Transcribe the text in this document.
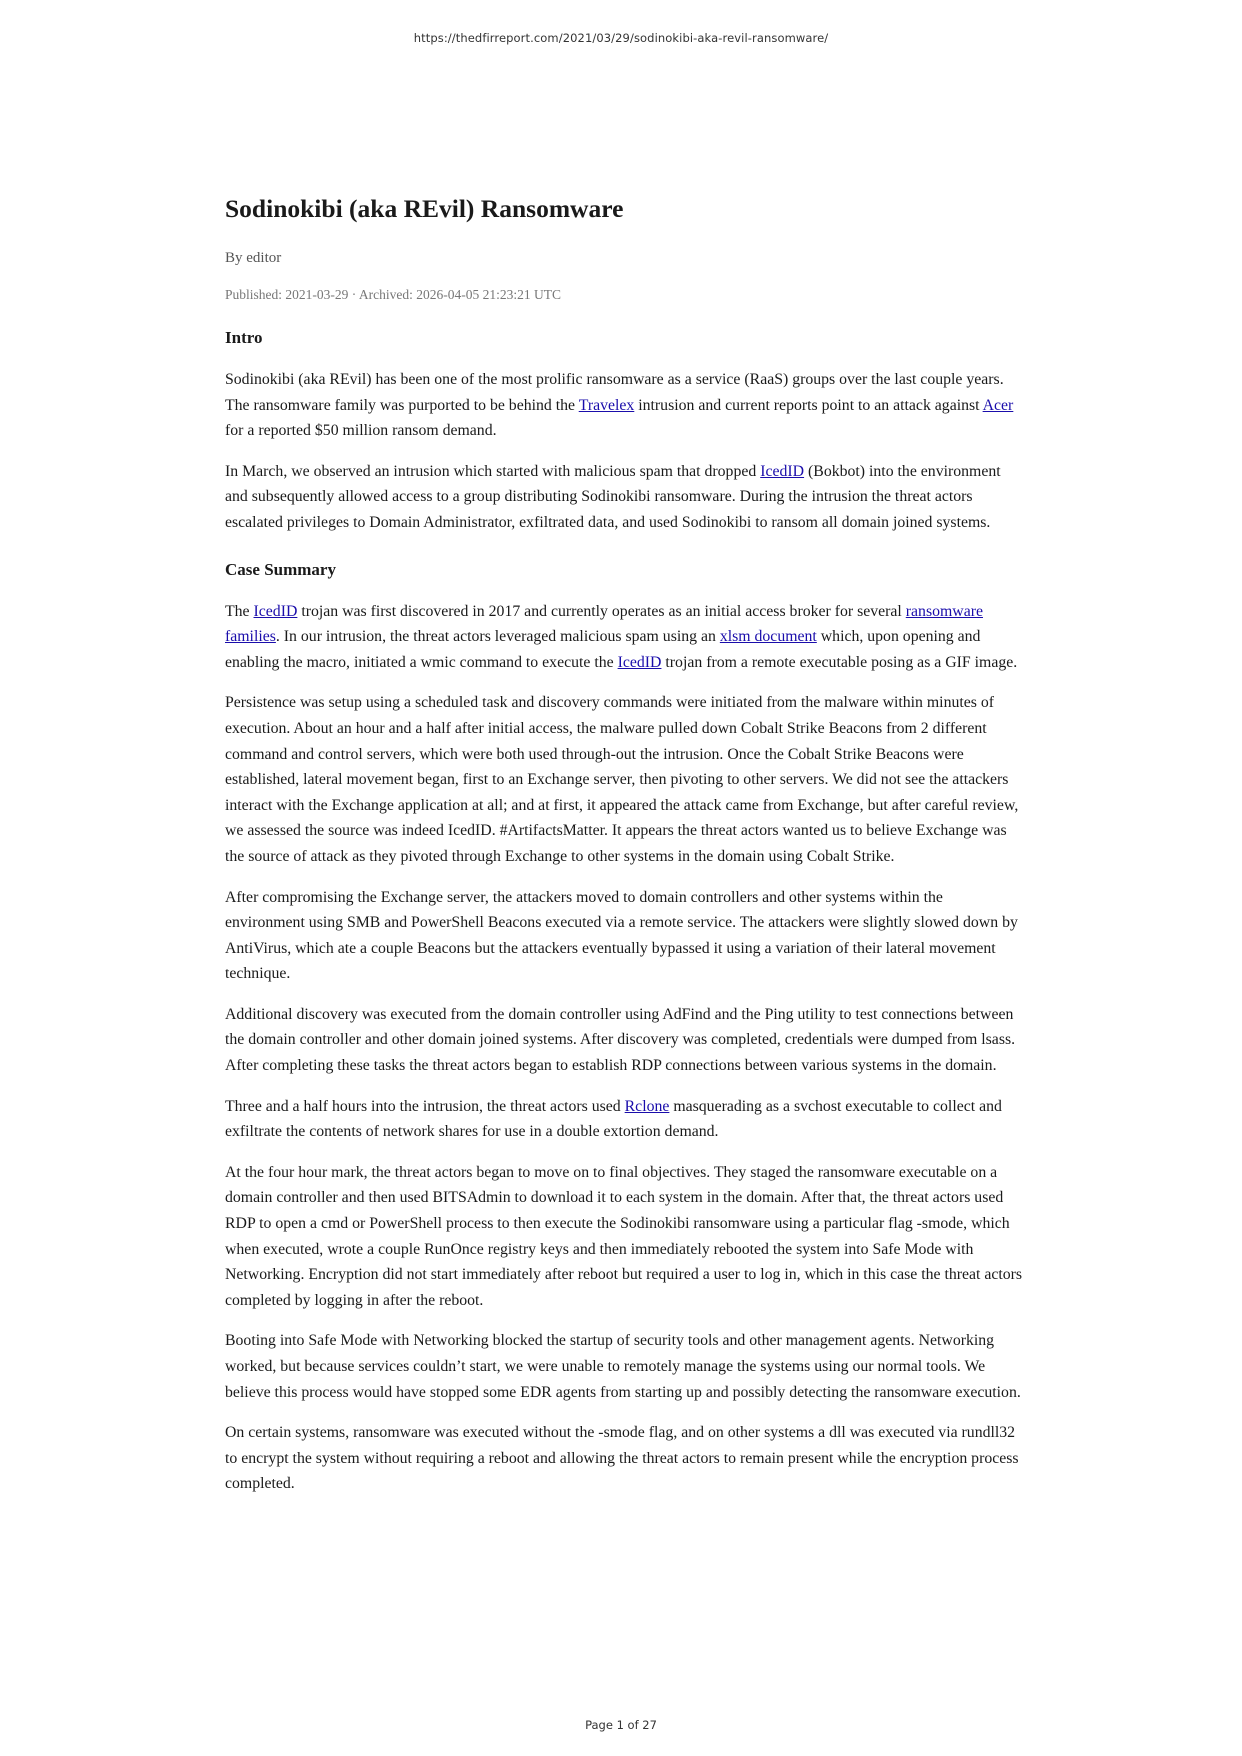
https://thedfirreport.com/2021/03/29/sodinokibi-aka-revil-ransomware/
Sodinokibi (aka REvil) Ransomware
By editor
Published: 2021-03-29 · Archived: 2026-04-05 21:23:21 UTC
Intro

Sodinokibi (aka REvil) has been one of the most prolific ransomware as a service (RaaS) groups over the last couple years. The ransomware family was purported to be behind the Travelex intrusion and current reports point to an attack against Acer for a reported $50 million ransom demand.

In March, we observed an intrusion which started with malicious spam that dropped IcedID (Bokbot) into the environment and subsequently allowed access to a group distributing Sodinokibi ransomware. During the intrusion the threat actors escalated privileges to Domain Administrator, exfiltrated data, and used Sodinokibi to ransom all domain joined systems.

Case Summary

The IcedID trojan was first discovered in 2017 and currently operates as an initial access broker for several ransomware families. In our intrusion, the threat actors leveraged malicious spam using an xlsm document which, upon opening and enabling the macro, initiated a wmic command to execute the IcedID trojan from a remote executable posing as a GIF image.

Persistence was setup using a scheduled task and discovery commands were initiated from the malware within minutes of execution. About an hour and a half after initial access, the malware pulled down Cobalt Strike Beacons from 2 different command and control servers, which were both used through-out the intrusion. Once the Cobalt Strike Beacons were established, lateral movement began, first to an Exchange server, then pivoting to other servers. We did not see the attackers interact with the Exchange application at all; and at first, it appeared the attack came from Exchange, but after careful review, we assessed the source was indeed IcedID. #ArtifactsMatter. It appears the threat actors wanted us to believe Exchange was the source of attack as they pivoted through Exchange to other systems in the domain using Cobalt Strike.

After compromising the Exchange server, the attackers moved to domain controllers and other systems within the environment using SMB and PowerShell Beacons executed via a remote service. The attackers were slightly slowed down by AntiVirus, which ate a couple Beacons but the attackers eventually bypassed it using a variation of their lateral movement technique.

Additional discovery was executed from the domain controller using AdFind and the Ping utility to test connections between the domain controller and other domain joined systems. After discovery was completed, credentials were dumped from lsass. After completing these tasks the threat actors began to establish RDP connections between various systems in the domain.

Three and a half hours into the intrusion, the threat actors used Rclone masquerading as a svchost executable to collect and exfiltrate the contents of network shares for use in a double extortion demand.

At the four hour mark, the threat actors began to move on to final objectives. They staged the ransomware executable on a domain controller and then used BITSAdmin to download it to each system in the domain. After that, the threat actors used RDP to open a cmd or PowerShell process to then execute the Sodinokibi ransomware using a particular flag -smode, which when executed, wrote a couple RunOnce registry keys and then immediately rebooted the system into Safe Mode with Networking. Encryption did not start immediately after reboot but required a user to log in, which in this case the threat actors completed by logging in after the reboot.

Booting into Safe Mode with Networking blocked the startup of security tools and other management agents. Networking worked, but because services couldn’t start, we were unable to remotely manage the systems using our normal tools. We believe this process would have stopped some EDR agents from starting up and possibly detecting the ransomware execution.

On certain systems, ransomware was executed without the -smode flag, and on other systems a dll was executed via rundll32 to encrypt the system without requiring a reboot and allowing the threat actors to remain present while the encryption process completed.

Page 1 of 27
